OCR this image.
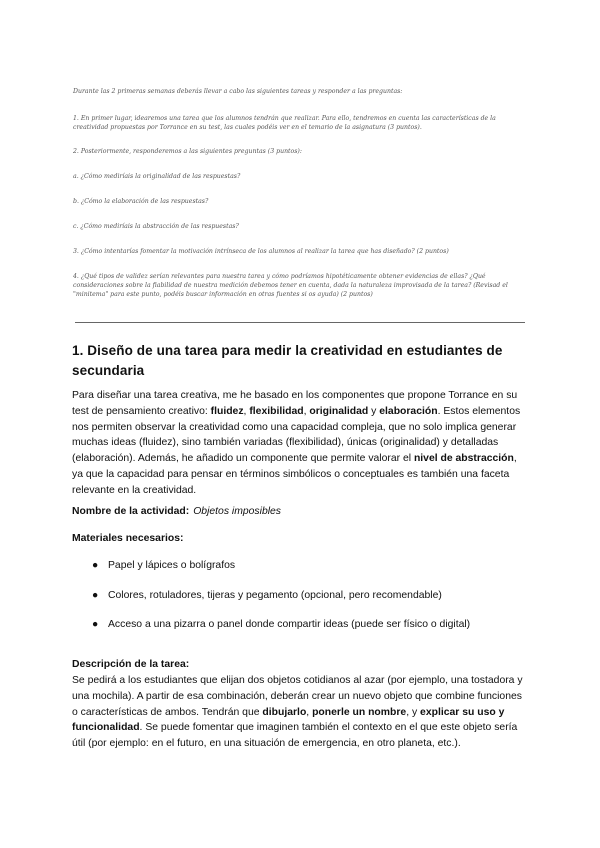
Durante las 2 primeras semanas deberás llevar a cabo las siguientes tareas y responder a las preguntas:
1. En primer lugar, idearemos una tarea que los alumnos tendrán que realizar. Para ello, tendremos en cuenta las características de la creatividad propuestas por Torrance en su test, las cuales podéis ver en el temario de la asignatura (3 puntos).
2. Posteriormente, responderemos a las siguientes preguntas (3 puntos):
a. ¿Cómo mediríais la originalidad de las respuestas?
b. ¿Cómo la elaboración de las respuestas?
c. ¿Cómo mediríais la abstracción de las respuestas?
3. ¿Cómo intentarías fomentar la motivación intrínseca de los alumnos al realizar la tarea que has diseñado? (2 puntos)
4. ¿Qué tipos de validez serían relevantes para nuestra tarea y cómo podríamos hipotéticamente obtener evidencias de ellas? ¿Qué consideraciones sobre la fiabilidad de nuestra medición debemos tener en cuenta, dada la naturaleza improvisada de la tarea? (Revisad el "minitema" para este punto, podéis buscar información en otras fuentes si os ayuda) (2 puntos)
1. Diseño de una tarea para medir la creatividad en estudiantes de secundaria
Para diseñar una tarea creativa, me he basado en los componentes que propone Torrance en su test de pensamiento creativo: fluidez, flexibilidad, originalidad y elaboración. Estos elementos nos permiten observar la creatividad como una capacidad compleja, que no solo implica generar muchas ideas (fluidez), sino también variadas (flexibilidad), únicas (originalidad) y detalladas (elaboración). Además, he añadido un componente que permite valorar el nivel de abstracción, ya que la capacidad para pensar en términos simbólicos o conceptuales es también una faceta relevante en la creatividad.
Nombre de la actividad: Objetos imposibles
Materiales necesarios:
● Papel y lápices o bolígrafos
● Colores, rotuladores, tijeras y pegamento (opcional, pero recomendable)
● Acceso a una pizarra o panel donde compartir ideas (puede ser físico o digital)
Descripción de la tarea:
Se pedirá a los estudiantes que elijan dos objetos cotidianos al azar (por ejemplo, una tostadora y una mochila). A partir de esa combinación, deberán crear un nuevo objeto que combine funciones o características de ambos. Tendrán que dibujarlo, ponerle un nombre, y explicar su uso y funcionalidad. Se puede fomentar que imaginen también el contexto en el que este objeto sería útil (por ejemplo: en el futuro, en una situación de emergencia, en otro planeta, etc.).
